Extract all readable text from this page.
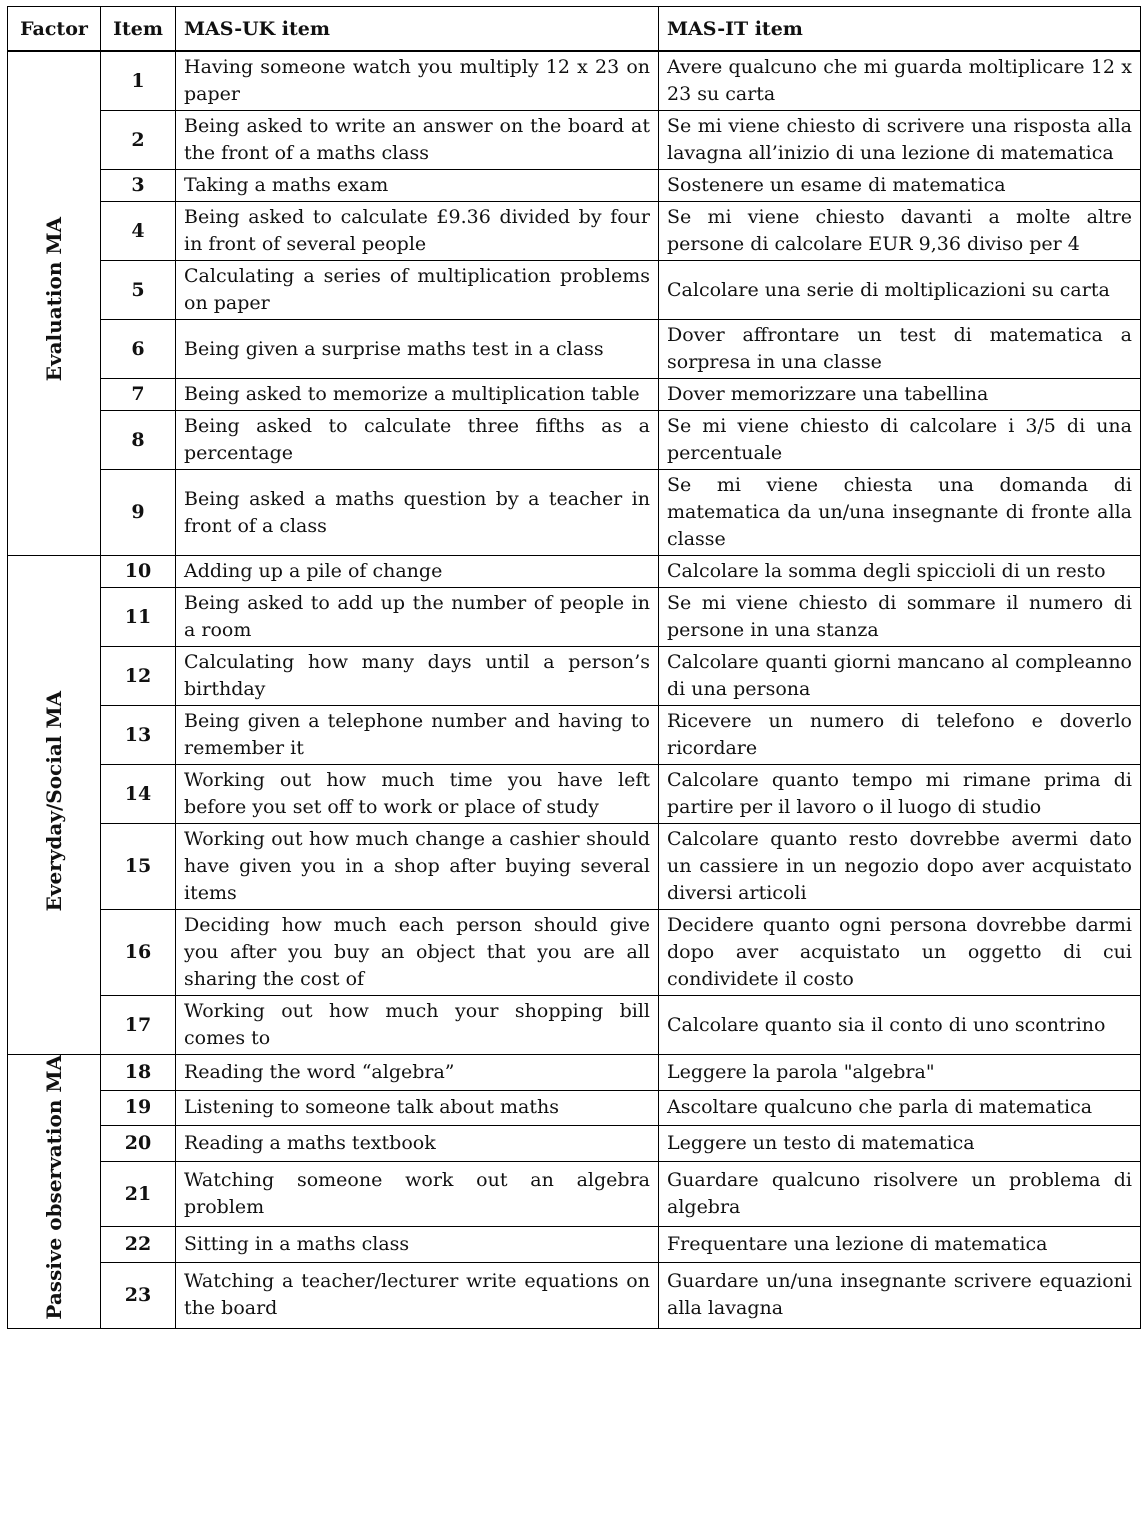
Factor	Item	MAS-UK item	MAS-IT item
Evaluation MA	1	Having someone watch you multiply 12 x 23 on paper	Avere qualcuno che mi guarda moltiplicare 12 x 23 su carta
	2	Being asked to write an answer on the board at the front of a maths class	Se mi viene chiesto di scrivere una risposta alla lavagna all’inizio di una lezione di matematica
	3	Taking a maths exam	Sostenere un esame di matematica
	4	Being asked to calculate £9.36 divided by four in front of several people	Se mi viene chiesto davanti a molte altre persone di calcolare EUR 9,36 diviso per 4
	5	Calculating a series of multiplication problems on paper	Calcolare una serie di moltiplicazioni su carta
	6	Being given a surprise maths test in a class	Dover affrontare un test di matematica a sorpresa in una classe
	7	Being asked to memorize a multiplication table	Dover memorizzare una tabellina
	8	Being asked to calculate three fifths as a percentage	Se mi viene chiesto di calcolare i 3/5 di una percentuale
	9	Being asked a maths question by a teacher in front of a class	Se mi viene chiesta una domanda di matematica da un/una insegnante di fronte alla classe
Everyday/Social MA	10	Adding up a pile of change	Calcolare la somma degli spiccioli di un resto
	11	Being asked to add up the number of people in a room	Se mi viene chiesto di sommare il numero di persone in una stanza
	12	Calculating how many days until a person’s birthday	Calcolare quanti giorni mancano al compleanno di una persona
	13	Being given a telephone number and having to remember it	Ricevere un numero di telefono e doverlo ricordare
	14	Working out how much time you have left before you set off to work or place of study	Calcolare quanto tempo mi rimane prima di partire per il lavoro o il luogo di studio
	15	Working out how much change a cashier should have given you in a shop after buying several items	Calcolare quanto resto dovrebbe avermi dato un cassiere in un negozio dopo aver acquistato diversi articoli
	16	Deciding how much each person should give you after you buy an object that you are all sharing the cost of	Decidere quanto ogni persona dovrebbe darmi dopo aver acquistato un oggetto di cui condividete il costo
	17	Working out how much your shopping bill comes to	Calcolare quanto sia il conto di uno scontrino
Passive observation MA	18	Reading the word “algebra”	Leggere la parola "algebra"
	19	Listening to someone talk about maths	Ascoltare qualcuno che parla di matematica
	20	Reading a maths textbook	Leggere un testo di matematica
	21	Watching someone work out an algebra problem	Guardare qualcuno risolvere un problema di algebra
	22	Sitting in a maths class	Frequentare una lezione di matematica
	23	Watching a teacher/lecturer write equations on the board	Guardare un/una insegnante scrivere equazioni alla lavagna
